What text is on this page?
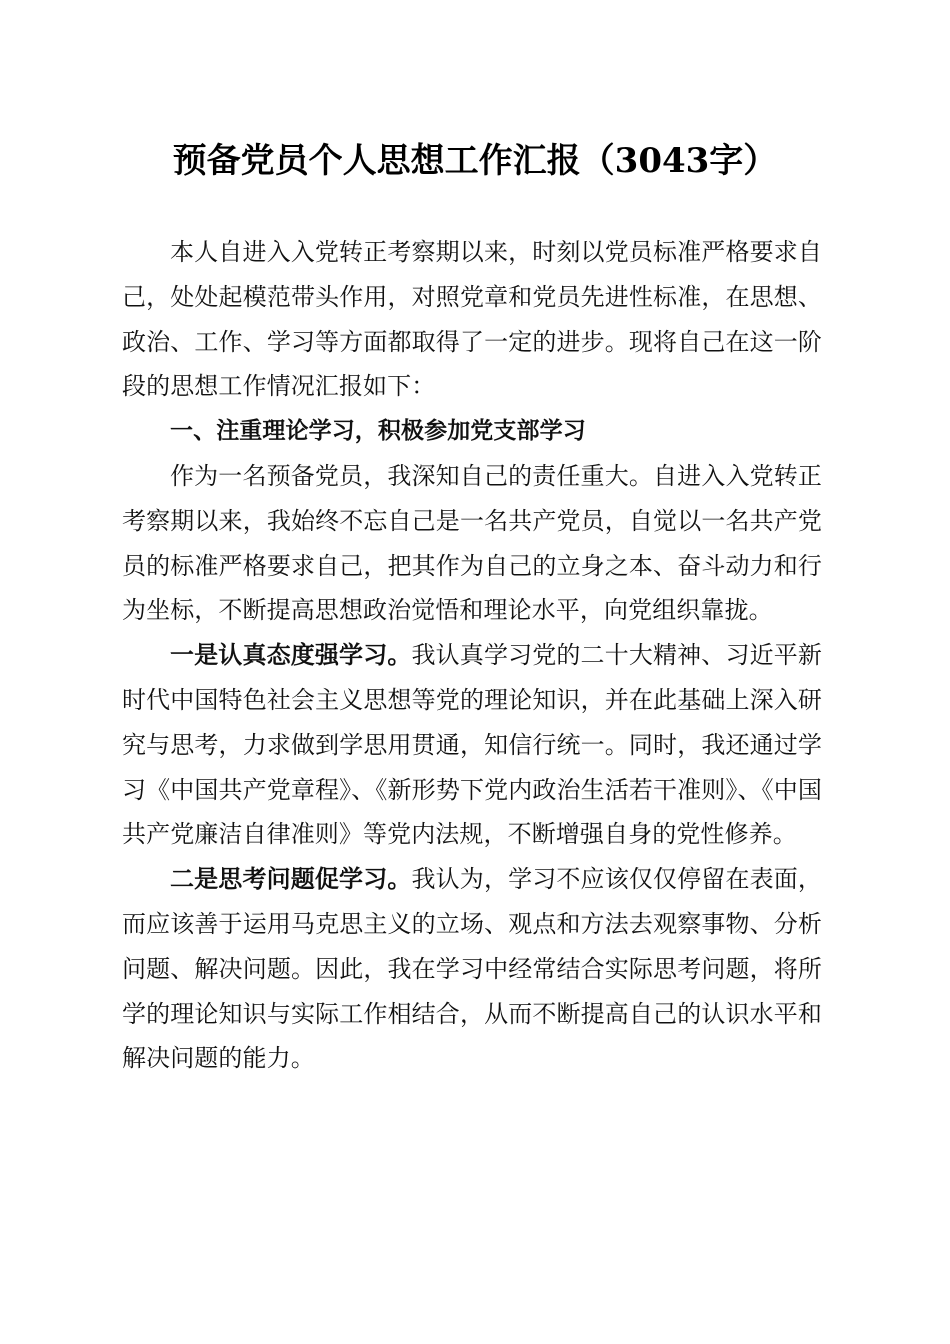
预备党员个人思想工作汇报（3043字）

本人自进入入党转正考察期以来，时刻以党员标准严格要求自己，处处起模范带头作用，对照党章和党员先进性标准，在思想、政治、工作、学习等方面都取得了一定的进步。现将自己在这一阶段的思想工作情况汇报如下：

一、注重理论学习，积极参加党支部学习

作为一名预备党员，我深知自己的责任重大。自进入入党转正考察期以来，我始终不忘自己是一名共产党员，自觉以一名共产党员的标准严格要求自己，把其作为自己的立身之本、奋斗动力和行为坐标，不断提高思想政治觉悟和理论水平，向党组织靠拢。

一是认真态度强学习。我认真学习党的二十大精神、习近平新时代中国特色社会主义思想等党的理论知识，并在此基础上深入研究与思考，力求做到学思用贯通，知信行统一。同时，我还通过学习《中国共产党章程》、《新形势下党内政治生活若干准则》、《中国共产党廉洁自律准则》等党内法规，不断增强自身的党性修养。

二是思考问题促学习。我认为，学习不应该仅仅停留在表面，而应该善于运用马克思主义的立场、观点和方法去观察事物、分析问题、解决问题。因此，我在学习中经常结合实际思考问题，将所学的理论知识与实际工作相结合，从而不断提高自己的认识水平和解决问题的能力。
